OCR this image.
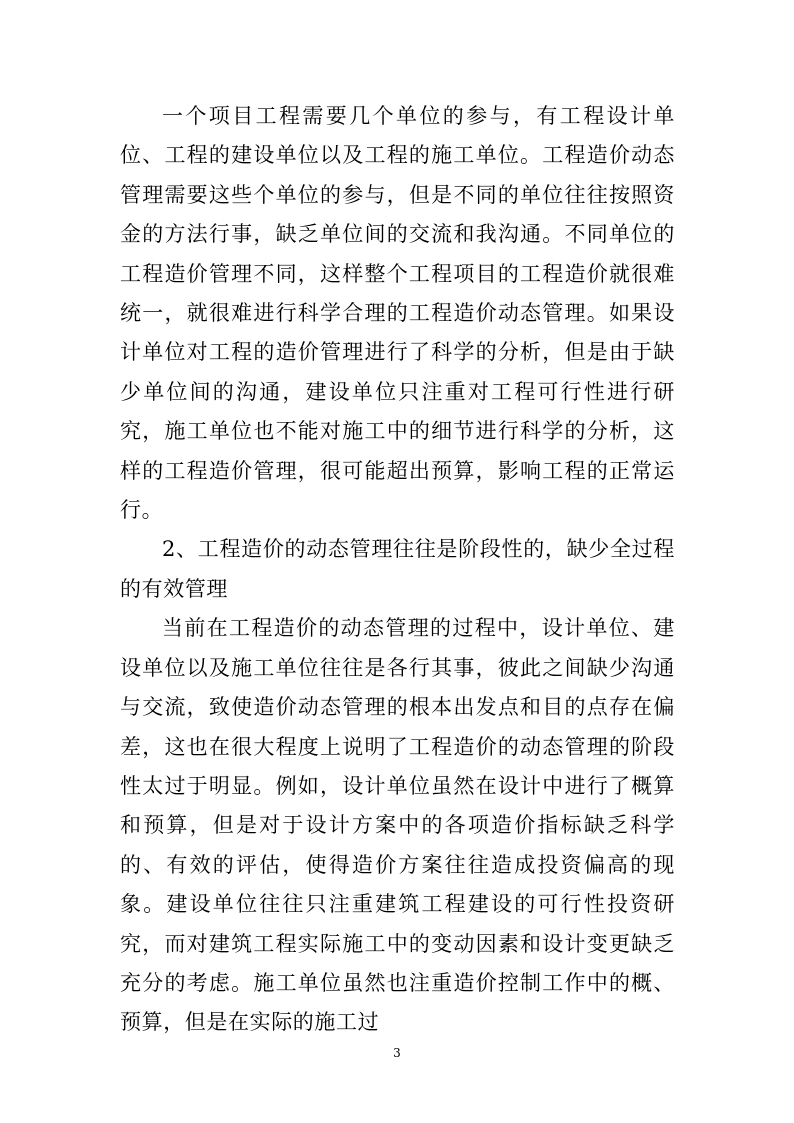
一个项目工程需要几个单位的参与，有工程设计单位、工程的建设单位以及工程的施工单位。工程造价动态管理需要这些个单位的参与，但是不同的单位往往按照资金的方法行事，缺乏单位间的交流和我沟通。不同单位的工程造价管理不同，这样整个工程项目的工程造价就很难统一，就很难进行科学合理的工程造价动态管理。如果设计单位对工程的造价管理进行了科学的分析，但是由于缺少单位间的沟通，建设单位只注重对工程可行性进行研究，施工单位也不能对施工中的细节进行科学的分析，这样的工程造价管理，很可能超出预算，影响工程的正常运行。

2、工程造价的动态管理往往是阶段性的，缺少全过程的有效管理

当前在工程造价的动态管理的过程中，设计单位、建设单位以及施工单位往往是各行其事，彼此之间缺少沟通与交流，致使造价动态管理的根本出发点和目的点存在偏差，这也在很大程度上说明了工程造价的动态管理的阶段性太过于明显。例如，设计单位虽然在设计中进行了概算和预算，但是对于设计方案中的各项造价指标缺乏科学的、有效的评估，使得造价方案往往造成投资偏高的现象。建设单位往往只注重建筑工程建设的可行性投资研究，而对建筑工程实际施工中的变动因素和设计变更缺乏充分的考虑。施工单位虽然也注重造价控制工作中的概、预算，但是在实际的施工过

3
